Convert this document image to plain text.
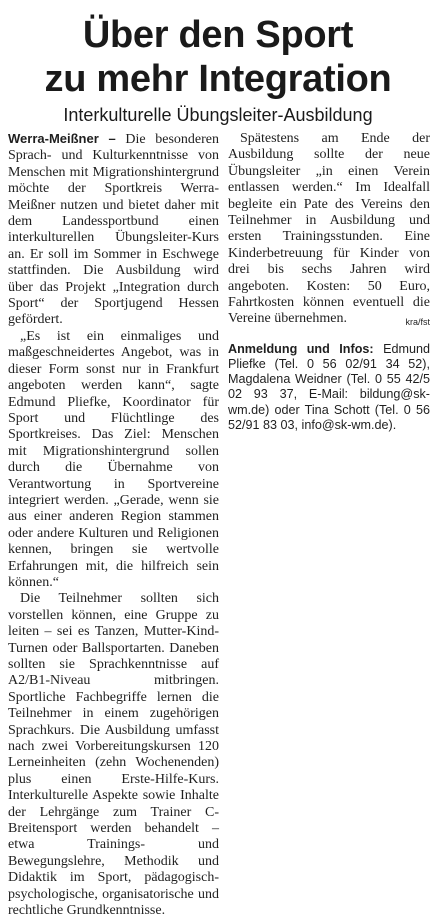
Über den Sport
zu mehr Integration
Interkulturelle Übungsleiter-Ausbildung

Werra-Meißner – Die besonderen Sprach- und Kulturkenntnisse von Menschen mit Migrationshintergrund möchte der Sportkreis Werra-Meißner nutzen und bietet daher mit dem Landessportbund einen interkulturellen Übungsleiter-Kurs an. Er soll im Sommer in Eschwege stattfinden. Die Ausbildung wird über das Projekt „Integration durch Sport“ der Sportjugend Hessen gefördert.

„Es ist ein einmaliges und maßgeschneidertes Angebot, was in dieser Form sonst nur in Frankfurt angeboten werden kann“, sagte Edmund Pliefke, Koordinator für Sport und Flüchtlinge des Sportkreises. Das Ziel: Menschen mit Migrationshintergrund sollen durch die Übernahme von Verantwortung in Sportvereine integriert werden. „Gerade, wenn sie aus einer anderen Region stammen oder andere Kulturen und Religionen kennen, bringen sie wertvolle Erfahrungen mit, die hilfreich sein können.“

Die Teilnehmer sollten sich vorstellen können, eine Gruppe zu leiten – sei es Tanzen, Mutter-Kind-Turnen oder Ballsportarten. Daneben sollten sie Sprachkenntnisse auf A2/B1-Niveau mitbringen. Sportliche Fachbegriffe lernen die Teilnehmer in einem zugehörigen Sprachkurs. Die Ausbildung umfasst nach zwei Vorbereitungskursen 120 Lerneinheiten (zehn Wochenenden) plus einen Erste-Hilfe-Kurs. Interkulturelle Aspekte sowie Inhalte der Lehrgänge zum Trainer C-Breitensport werden behandelt – etwa Trainings- und Bewegungslehre, Methodik und Didaktik im Sport, pädagogisch-psychologische, organisatorische und rechtliche Grundkenntnisse.

Spätestens am Ende der Ausbildung sollte der neue Übungsleiter „in einen Verein entlassen werden.“ Im Idealfall begleite ein Pate des Vereins den Teilnehmer in Ausbildung und ersten Trainingsstunden. Eine Kinderbetreuung für Kinder von drei bis sechs Jahren wird angeboten. Kosten: 50 Euro, Fahrtkosten können eventuell die Vereine übernehmen.	kra/fst

Anmeldung und Infos: Edmund Pliefke (Tel. 0 56 02/91 34 52), Magdalena Weidner (Tel. 0 55 42/5 02 93 37, E-Mail: bildung@sk-wm.de) oder Tina Schott (Tel. 0 56 52/91 83 03, info@sk-wm.de).
